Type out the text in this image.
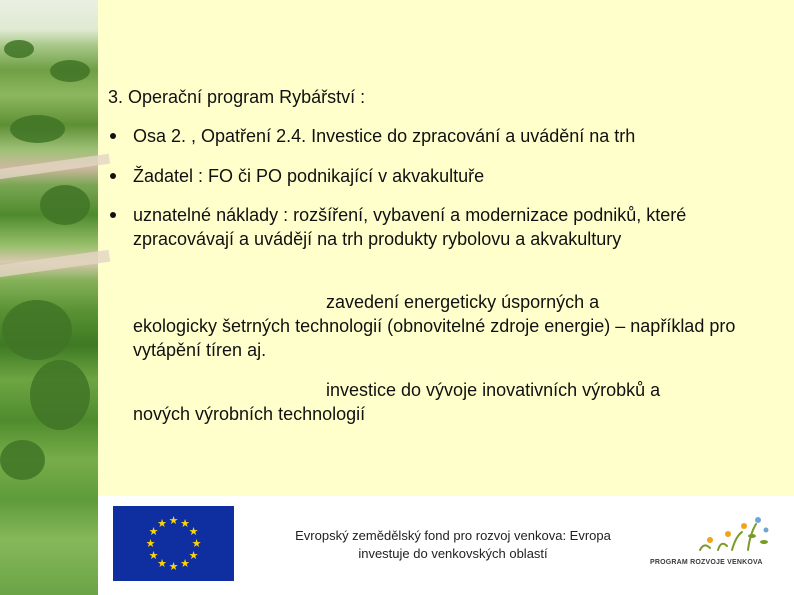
3. Operační program Rybářství :
Osa 2. , Opatření 2.4. Investice do zpracování a uvádění na trh
Žadatel : FO či PO podnikající v akvakultuře
uznatelné náklady : rozšíření, vybavení a modernizace podniků, které zpracovávají a uvádějí na trh produkty rybolovu a akvakultury
zavedení energeticky úsporných a
ekologicky šetrných technologií (obnovitelné zdroje energie) – například pro vytápění tíren aj.
investice do vývoje inovativních výrobků a
nových výrobních technologií
★ ★
★
★
★
★
★
★
★
★
★
★
Evropský zemědělský fond pro rozvoj venkova: Evropa
investuje do venkovských oblastí
PROGRAM ROZVOJE VENKOVA
